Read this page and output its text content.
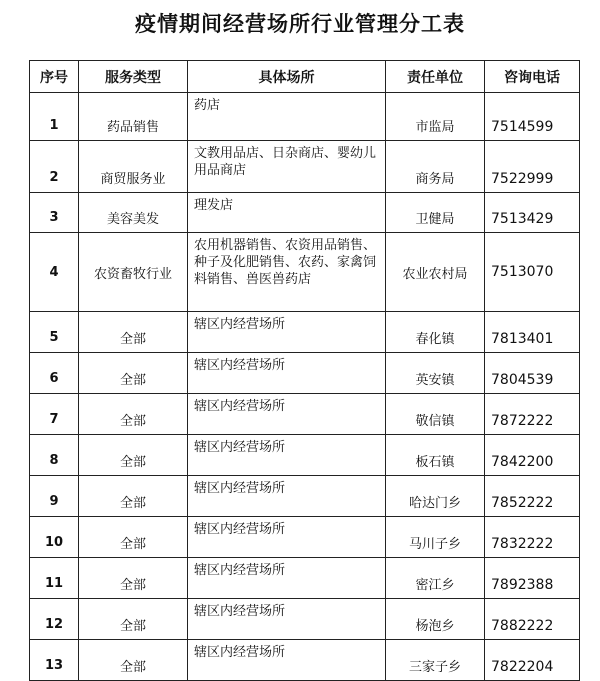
疫情期间经营场所行业管理分工表
序号	服务类型	具体场所	责任单位	咨询电话
1	药品销售	药店	市监局	7514599
2	商贸服务业	文教用品店、日杂商店、婴幼儿用品商店	商务局	7522999
3	美容美发	理发店	卫健局	7513429
4	农资畜牧行业	农用机器销售、农资用品销售、种子及化肥销售、农药、家禽饲料销售、兽医兽药店	农业农村局	7513070
5	全部	辖区内经营场所	春化镇	7813401
6	全部	辖区内经营场所	英安镇	7804539
7	全部	辖区内经营场所	敬信镇	7872222
8	全部	辖区内经营场所	板石镇	7842200
9	全部	辖区内经营场所	哈达门乡	7852222
10	全部	辖区内经营场所	马川子乡	7832222
11	全部	辖区内经营场所	密江乡	7892388
12	全部	辖区内经营场所	杨泡乡	7882222
13	全部	辖区内经营场所	三家子乡	7822204
